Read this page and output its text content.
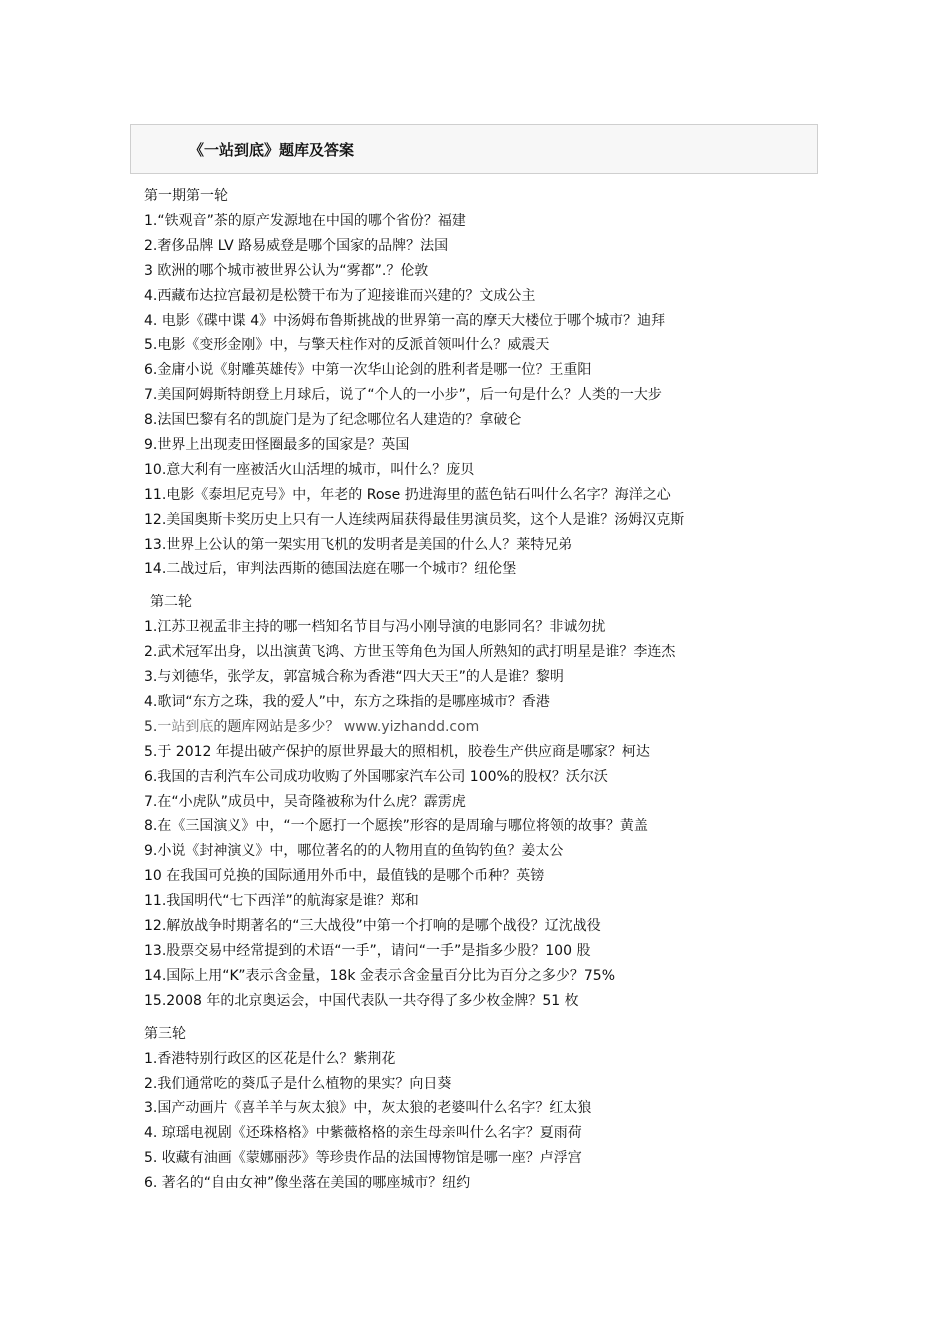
《一站到底》题库及答案
第一期第一轮
1.“铁观音”茶的原产发源地在中国的哪个省份？福建
2.奢侈品牌 LV 路易威登是哪个国家的品牌？法国
3 欧洲的哪个城市被世界公认为“雾都”.？伦敦
4.西藏布达拉宫最初是松赞干布为了迎接谁而兴建的？文成公主
4. 电影《碟中谍 4》中汤姆布鲁斯挑战的世界第一高的摩天大楼位于哪个城市？迪拜
5.电影《变形金刚》中，与擎天柱作对的反派首领叫什么？威震天
6.金庸小说《射雕英雄传》中第一次华山论剑的胜利者是哪一位？王重阳
7.美国阿姆斯特朗登上月球后，说了“个人的一小步”，后一句是什么？人类的一大步
8.法国巴黎有名的凯旋门是为了纪念哪位名人建造的？拿破仑
9.世界上出现麦田怪圈最多的国家是？英国
10.意大利有一座被活火山活埋的城市，叫什么？庞贝
11.电影《泰坦尼克号》中，年老的 Rose 扔进海里的蓝色钻石叫什么名字？海洋之心
12.美国奥斯卡奖历史上只有一人连续两届获得最佳男演员奖，这个人是谁？汤姆汉克斯
13.世界上公认的第一架实用飞机的发明者是美国的什么人？莱特兄弟
14.二战过后，审判法西斯的德国法庭在哪一个城市？纽伦堡
第二轮
1.江苏卫视孟非主持的哪一档知名节目与冯小刚导演的电影同名？非诚勿扰
2.武术冠军出身，以出演黄飞鸿、方世玉等角色为国人所熟知的武打明星是谁？李连杰
3.与刘德华，张学友，郭富城合称为香港“四大天王”的人是谁？黎明
4.歌词“东方之珠，我的爱人”中，东方之珠指的是哪座城市？香港
5.一站到底的题库网站是多少？ www.yizhandd.com
5.于 2012 年提出破产保护的原世界最大的照相机，胶卷生产供应商是哪家？柯达
6.我国的吉利汽车公司成功收购了外国哪家汽车公司 100%的股权？沃尔沃
7.在“小虎队”成员中，吴奇隆被称为什么虎？霹雳虎
8.在《三国演义》中，“一个愿打一个愿挨”形容的是周瑜与哪位将领的故事？黄盖
9.小说《封神演义》中，哪位著名的的人物用直的鱼钩钓鱼？姜太公
10 在我国可兑换的国际通用外币中，最值钱的是哪个币种？英镑
11.我国明代“七下西洋”的航海家是谁？郑和
12.解放战争时期著名的“三大战役”中第一个打响的是哪个战役？辽沈战役
13.股票交易中经常提到的术语“一手”，请问“一手”是指多少股？100 股
14.国际上用“K”表示含金量，18k 金表示含金量百分比为百分之多少？75%
15.2008 年的北京奥运会，中国代表队一共夺得了多少枚金牌？51 枚
第三轮
1.香港特别行政区的区花是什么？紫荆花
2.我们通常吃的葵瓜子是什么植物的果实？向日葵
3.国产动画片《喜羊羊与灰太狼》中，灰太狼的老婆叫什么名字？红太狼
4. 琼瑶电视剧《还珠格格》中紫薇格格的亲生母亲叫什么名字？夏雨荷
5. 收藏有油画《蒙娜丽莎》等珍贵作品的法国博物馆是哪一座？卢浮宫
6. 著名的“自由女神”像坐落在美国的哪座城市？纽约
